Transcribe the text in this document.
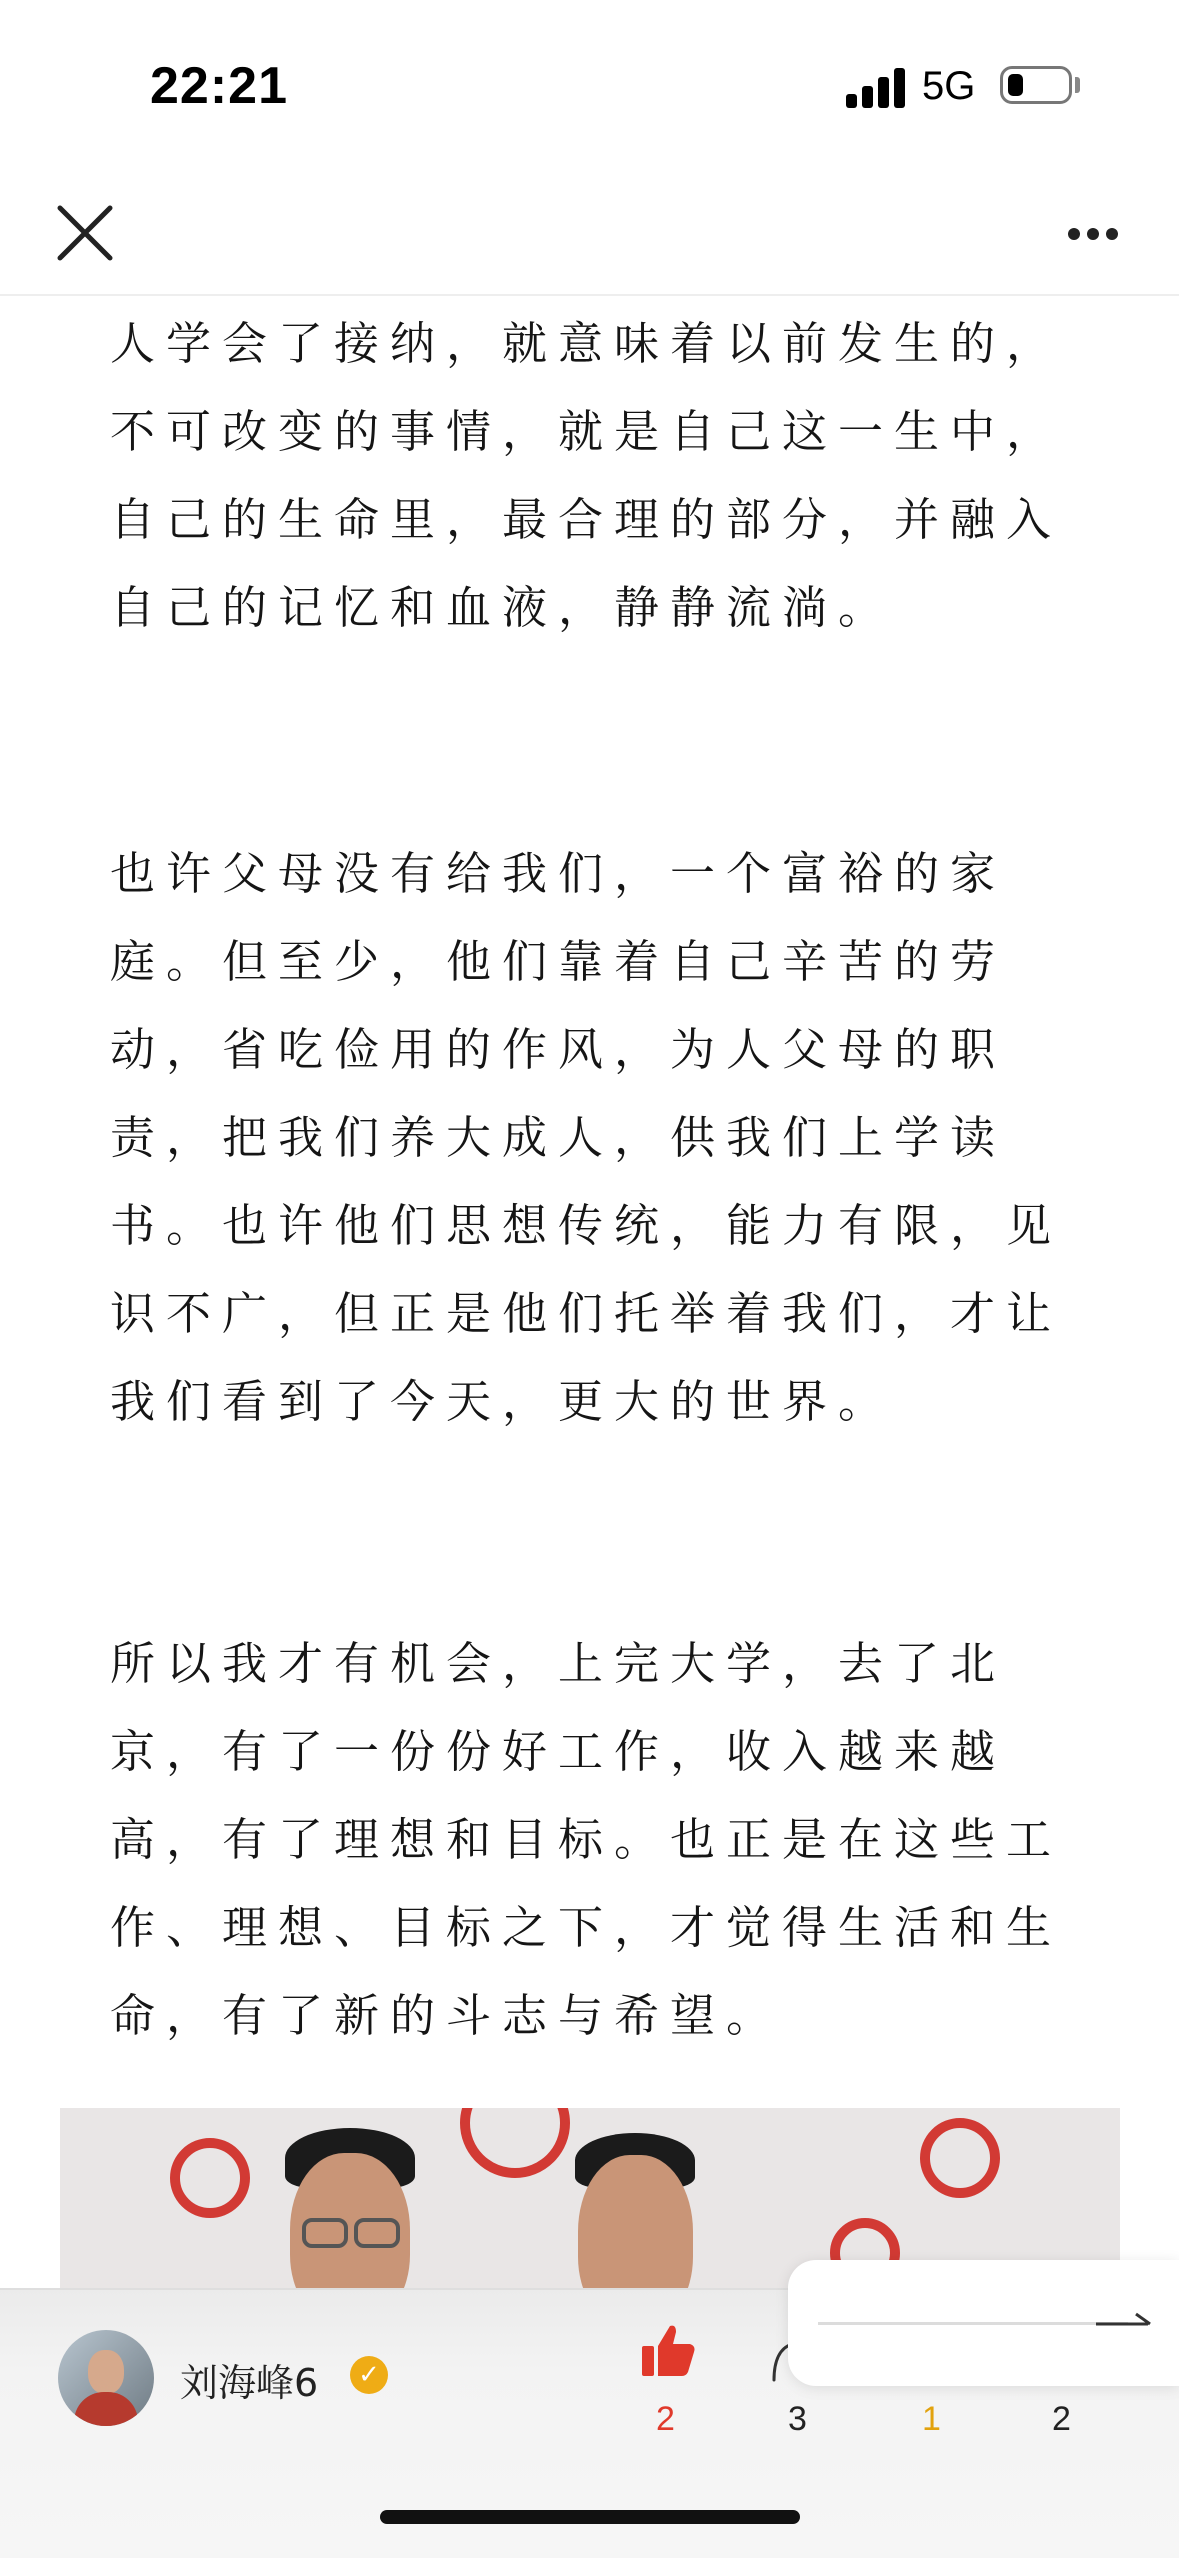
22:21	5G

人学会了接纳，就意味着以前发生的，不可改变的事情，就是自己这一生中，自己的生命里，最合理的部分，并融入自己的记忆和血液，静静流淌。

也许父母没有给我们，一个富裕的家庭。但至少，他们靠着自己辛苦的劳动，省吃俭用的作风，为人父母的职责，把我们养大成人，供我们上学读书。也许他们思想传统，能力有限，见识不广，但正是他们托举着我们，才让我们看到了今天，更大的世界。

所以我才有机会，上完大学，去了北京，有了一份份好工作，收入越来越高，有了理想和目标。也正是在这些工作、理想、目标之下，才觉得生活和生命，有了新的斗志与希望。

刘海峰6	✓
2	3	1	2
